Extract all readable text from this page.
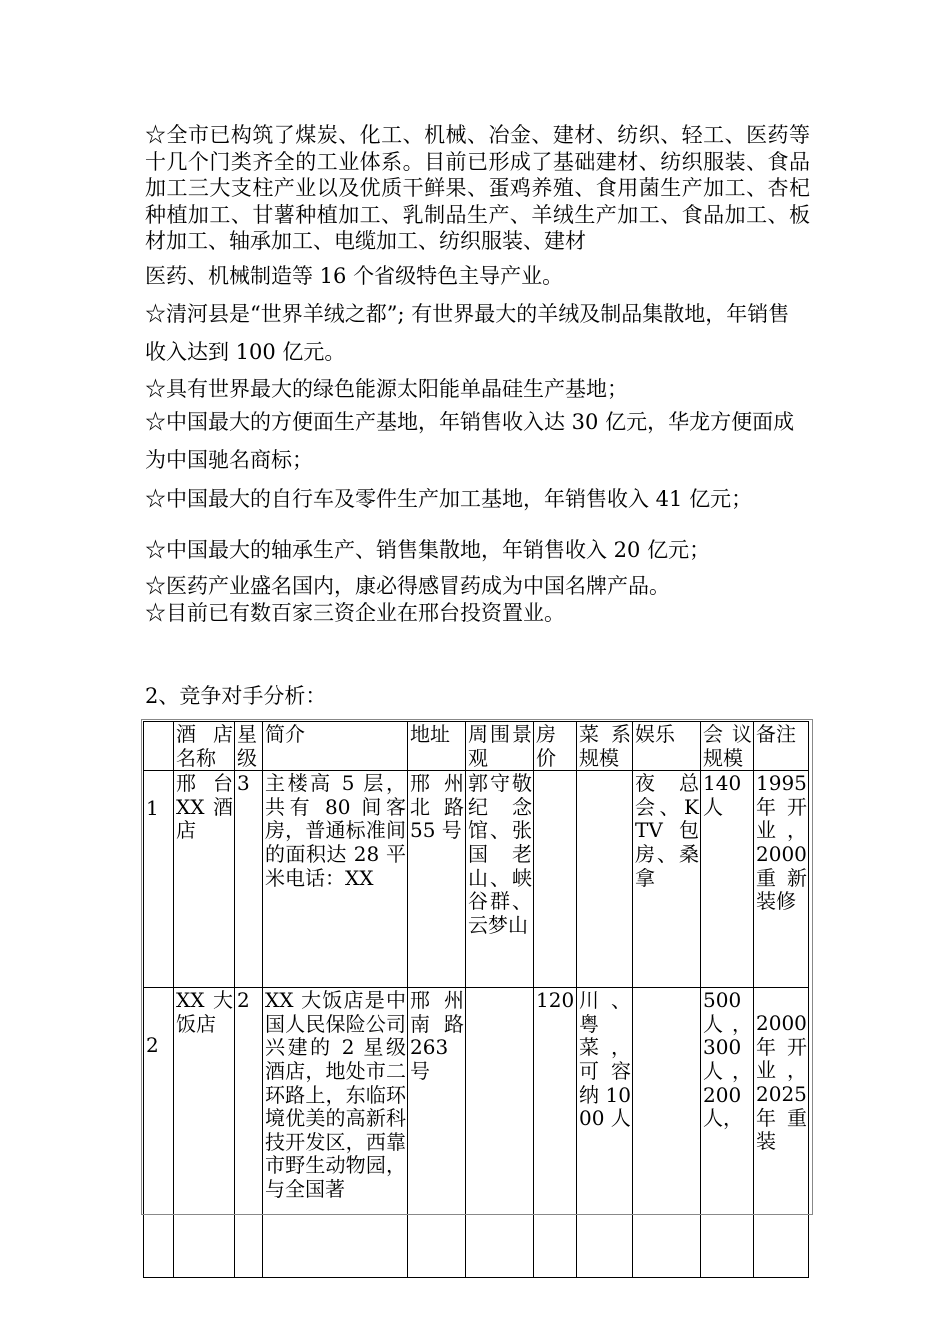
☆全市已构筑了煤炭、化工、机械、冶金、建材、纺织、轻工、医药等十几个门类齐全的工业体系。目前已形成了基础建材、纺织服装、食品加工三大支柱产业以及优质干鲜果、蛋鸡养殖、食用菌生产加工、杏杞种植加工、甘薯种植加工、乳制品生产、羊绒生产加工、食品加工、板材加工、轴承加工、电缆加工、纺织服装、建材
医药、机械制造等 16 个省级特色主导产业。

☆清河县是“世界羊绒之都”; 有世界最大的羊绒及制品集散地，年销售收入达到 100 亿元。

☆具有世界最大的绿色能源太阳能单晶硅生产基地；

☆中国最大的方便面生产基地，年销售收入达 30 亿元，华龙方便面成为中国驰名商标；

☆中国最大的自行车及零件生产加工基地，年销售收入 41 亿元；

☆中国最大的轴承生产、销售集散地，年销售收入 20 亿元；

☆医药产业盛名国内，康必得感冒药成为中国名牌产品。

☆目前已有数百家三资企业在邢台投资置业。

2、竞争对手分析：

	酒店名称	星级	简介	地址	周围景观	房价	菜系规模	娱乐	会议规模	备注
1	邢台 XX 酒店	3	主楼高 5 层，共有 80 间客房，普通标准间的面积达 28 平米电话：XX	邢州北路 55 号	郭守敬纪念馆、张国老山、峡谷群、云梦山			夜总会、KTV 包房、桑拿	140 人	1995 年开业，2000 重新装修
2	XX 大饭店	2	XX 大饭店是中国人民保险公司兴建的 2 星级酒店，地处市二环路上，东临环境优美的高新科技开发区，西靠市野生动物园，与全国著	邢州南路 263 号		120	川、粤菜，可容纳 1000 人		500 人，300 人，200 人，	2000 年开业，2025 年重装
